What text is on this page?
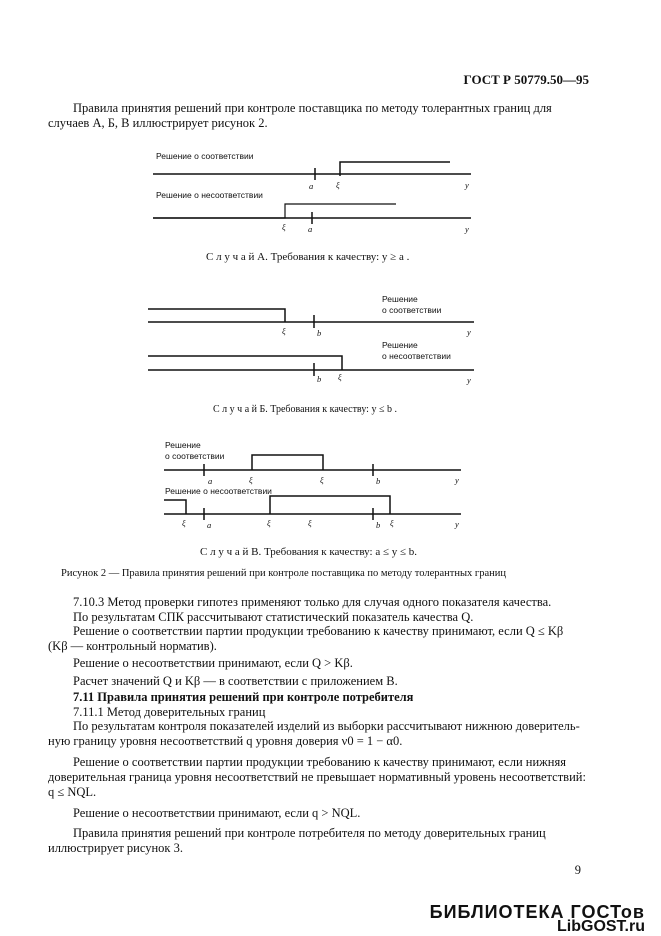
ГОСТ Р 50779.50—95
Правила принятия решений при контроле поставщика по методу толерантных границ для
случаев А, Б, В иллюстрирует рисунок 2.
Решение о соответствии
Решение о несоответствии
a	ξ	y
ξ	a	y
С л у ч а й А. Требования к качеству: y ≥ a .
Решение
о соответствии
Решение
о несоответствии
ξ	b	y
b ξ	y
С л у ч а й Б. Требования к качеству: y ≤ b .
Решение
о соответствии
Решение о несоответствии
a	ξ	ξ	b	y
ξ	a	ξ	ξ	b ξ	y
С л у ч а й В. Требования к качеству: a ≤ y ≤ b.
Рисунок 2 — Правила принятия решений при контроле поставщика по методу толерантных границ
7.10.3 Метод проверки гипотез применяют только для случая одного показателя качества.
По результатам СПК рассчитывают статистический показатель качества Q.
Решение о соответствии партии продукции требованию к качеству принимают, если Q ≤ Kβ
(Kβ — контрольный норматив).
Решение о несоответствии принимают, если Q > Kβ.
Расчет значений Q и Kβ — в соответствии с приложением В.
7.11 Правила принятия решений при контроле потребителя
7.11.1 Метод доверительных границ
По результатам контроля показателей изделий из выборки рассчитывают нижнюю доверитель-
ную границу уровня несоответствий q уровня доверия ν0 = 1 − α0.
Решение о соответствии партии продукции требованию к качеству принимают, если нижняя
доверительная граница уровня несоответствий не превышает нормативный уровень несоответствий:
q ≤ NQL.
Решение о несоответствии принимают, если q > NQL.
Правила принятия решений при контроле потребителя по методу доверительных границ
иллюстрирует рисунок 3.
9
БИБЛИОТЕКА ГОСТов
LibGOST.ru
